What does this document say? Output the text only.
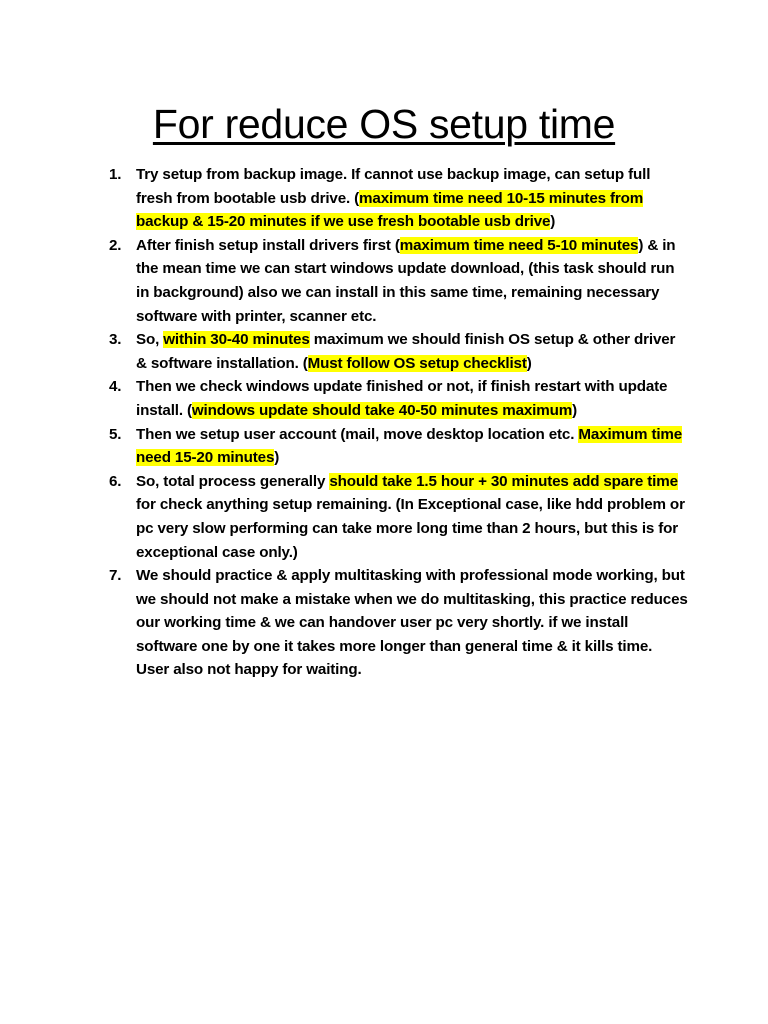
For reduce OS setup time
1. Try setup from backup image. If cannot use backup image, can setup full fresh from bootable usb drive. (maximum time need 10-15 minutes from backup & 15-20 minutes if we use fresh bootable usb drive)
2. After finish setup install drivers first (maximum time need 5-10 minutes) & in the mean time we can start windows update download, (this task should run in background) also we can install in this same time, remaining necessary software with printer, scanner etc.
3. So, within 30-40 minutes maximum we should finish OS setup & other driver & software installation. (Must follow OS setup checklist)
4. Then we check windows update finished or not, if finish restart with update install. (windows update should take 40-50 minutes maximum)
5. Then we setup user account (mail, move desktop location etc. Maximum time need 15-20 minutes)
6. So, total process generally should take 1.5 hour + 30 minutes add spare time for check anything setup remaining. (In Exceptional case, like hdd problem or pc very slow performing can take more long time than 2 hours, but this is for exceptional case only.)
7. We should practice & apply multitasking with professional mode working, but we should not make a mistake when we do multitasking, this practice reduces our working time & we can handover user pc very shortly. if we install software one by one it takes more longer than general time & it kills time. User also not happy for waiting.
